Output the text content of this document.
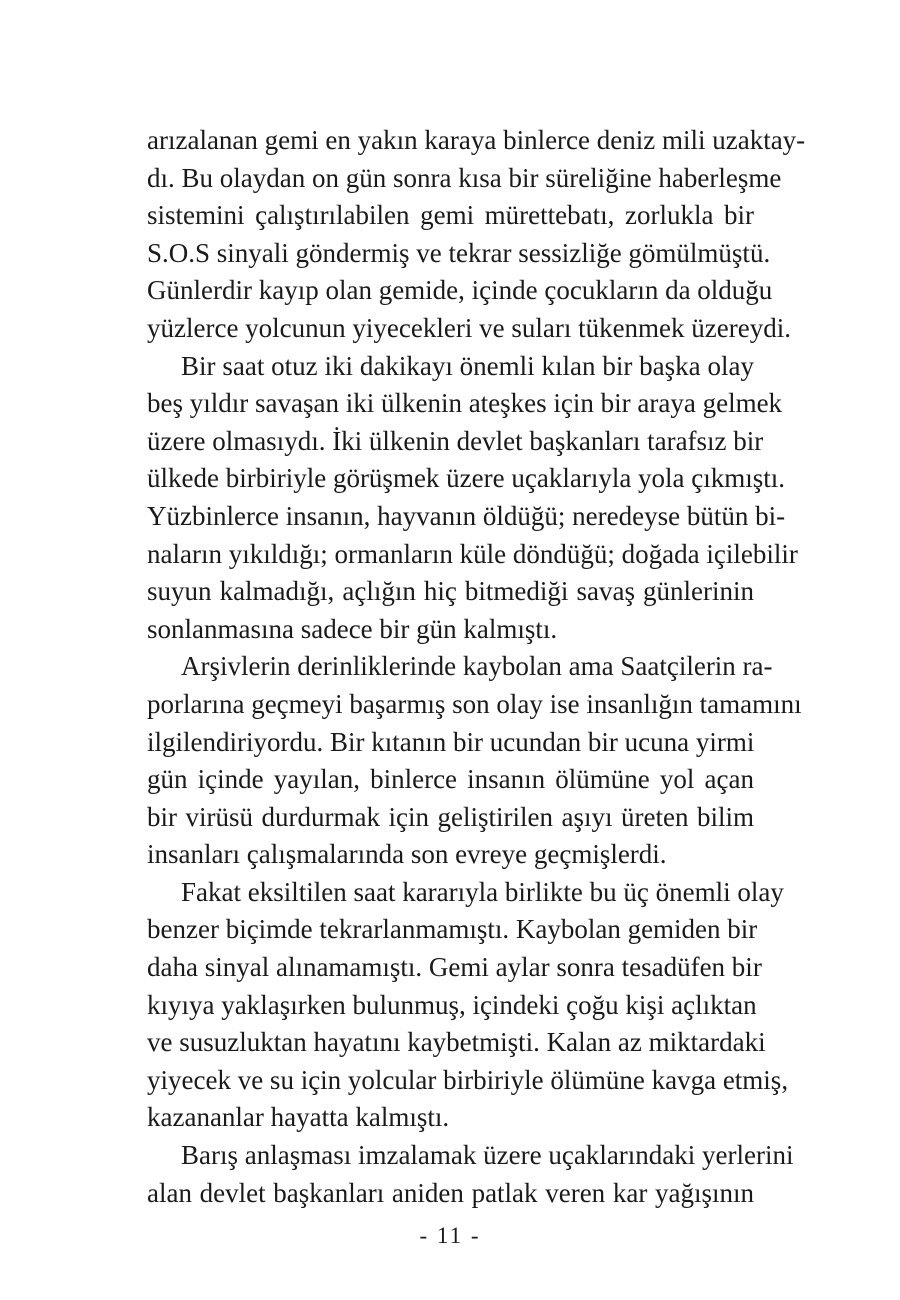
arızalanan gemi en yakın karaya binlerce deniz mili uzaktay-
dı. Bu olaydan on gün sonra kısa bir süreliğine haberleşme
sistemini çalıştırılabilen gemi mürettebatı, zorlukla bir
S.O.S sinyali göndermiş ve tekrar sessizliğe gömülmüştü.
Günlerdir kayıp olan gemide, içinde çocukların da olduğu
yüzlerce yolcunun yiyecekleri ve suları tükenmek üzereydi.
Bir saat otuz iki dakikayı önemli kılan bir başka olay
beş yıldır savaşan iki ülkenin ateşkes için bir araya gelmek
üzere olmasıydı. İki ülkenin devlet başkanları tarafsız bir
ülkede birbiriyle görüşmek üzere uçaklarıyla yola çıkmıştı.
Yüzbinlerce insanın, hayvanın öldüğü; neredeyse bütün bi-
naların yıkıldığı; ormanların küle döndüğü; doğada içilebilir
suyun kalmadığı, açlığın hiç bitmediği savaş günlerinin
sonlanmasına sadece bir gün kalmıştı.
Arşivlerin derinliklerinde kaybolan ama Saatçilerin ra-
porlarına geçmeyi başarmış son olay ise insanlığın tamamını
ilgilendiriyordu. Bir kıtanın bir ucundan bir ucuna yirmi
gün içinde yayılan, binlerce insanın ölümüne yol açan
bir virüsü durdurmak için geliştirilen aşıyı üreten bilim
insanları çalışmalarında son evreye geçmişlerdi.
Fakat eksiltilen saat kararıyla birlikte bu üç önemli olay
benzer biçimde tekrarlanmamıştı. Kaybolan gemiden bir
daha sinyal alınamamıştı. Gemi aylar sonra tesadüfen bir
kıyıya yaklaşırken bulunmuş, içindeki çoğu kişi açlıktan
ve susuzluktan hayatını kaybetmişti. Kalan az miktardaki
yiyecek ve su için yolcular birbiriyle ölümüne kavga etmiş,
kazananlar hayatta kalmıştı.
Barış anlaşması imzalamak üzere uçaklarındaki yerlerini
alan devlet başkanları aniden patlak veren kar yağışının
- 11 -
